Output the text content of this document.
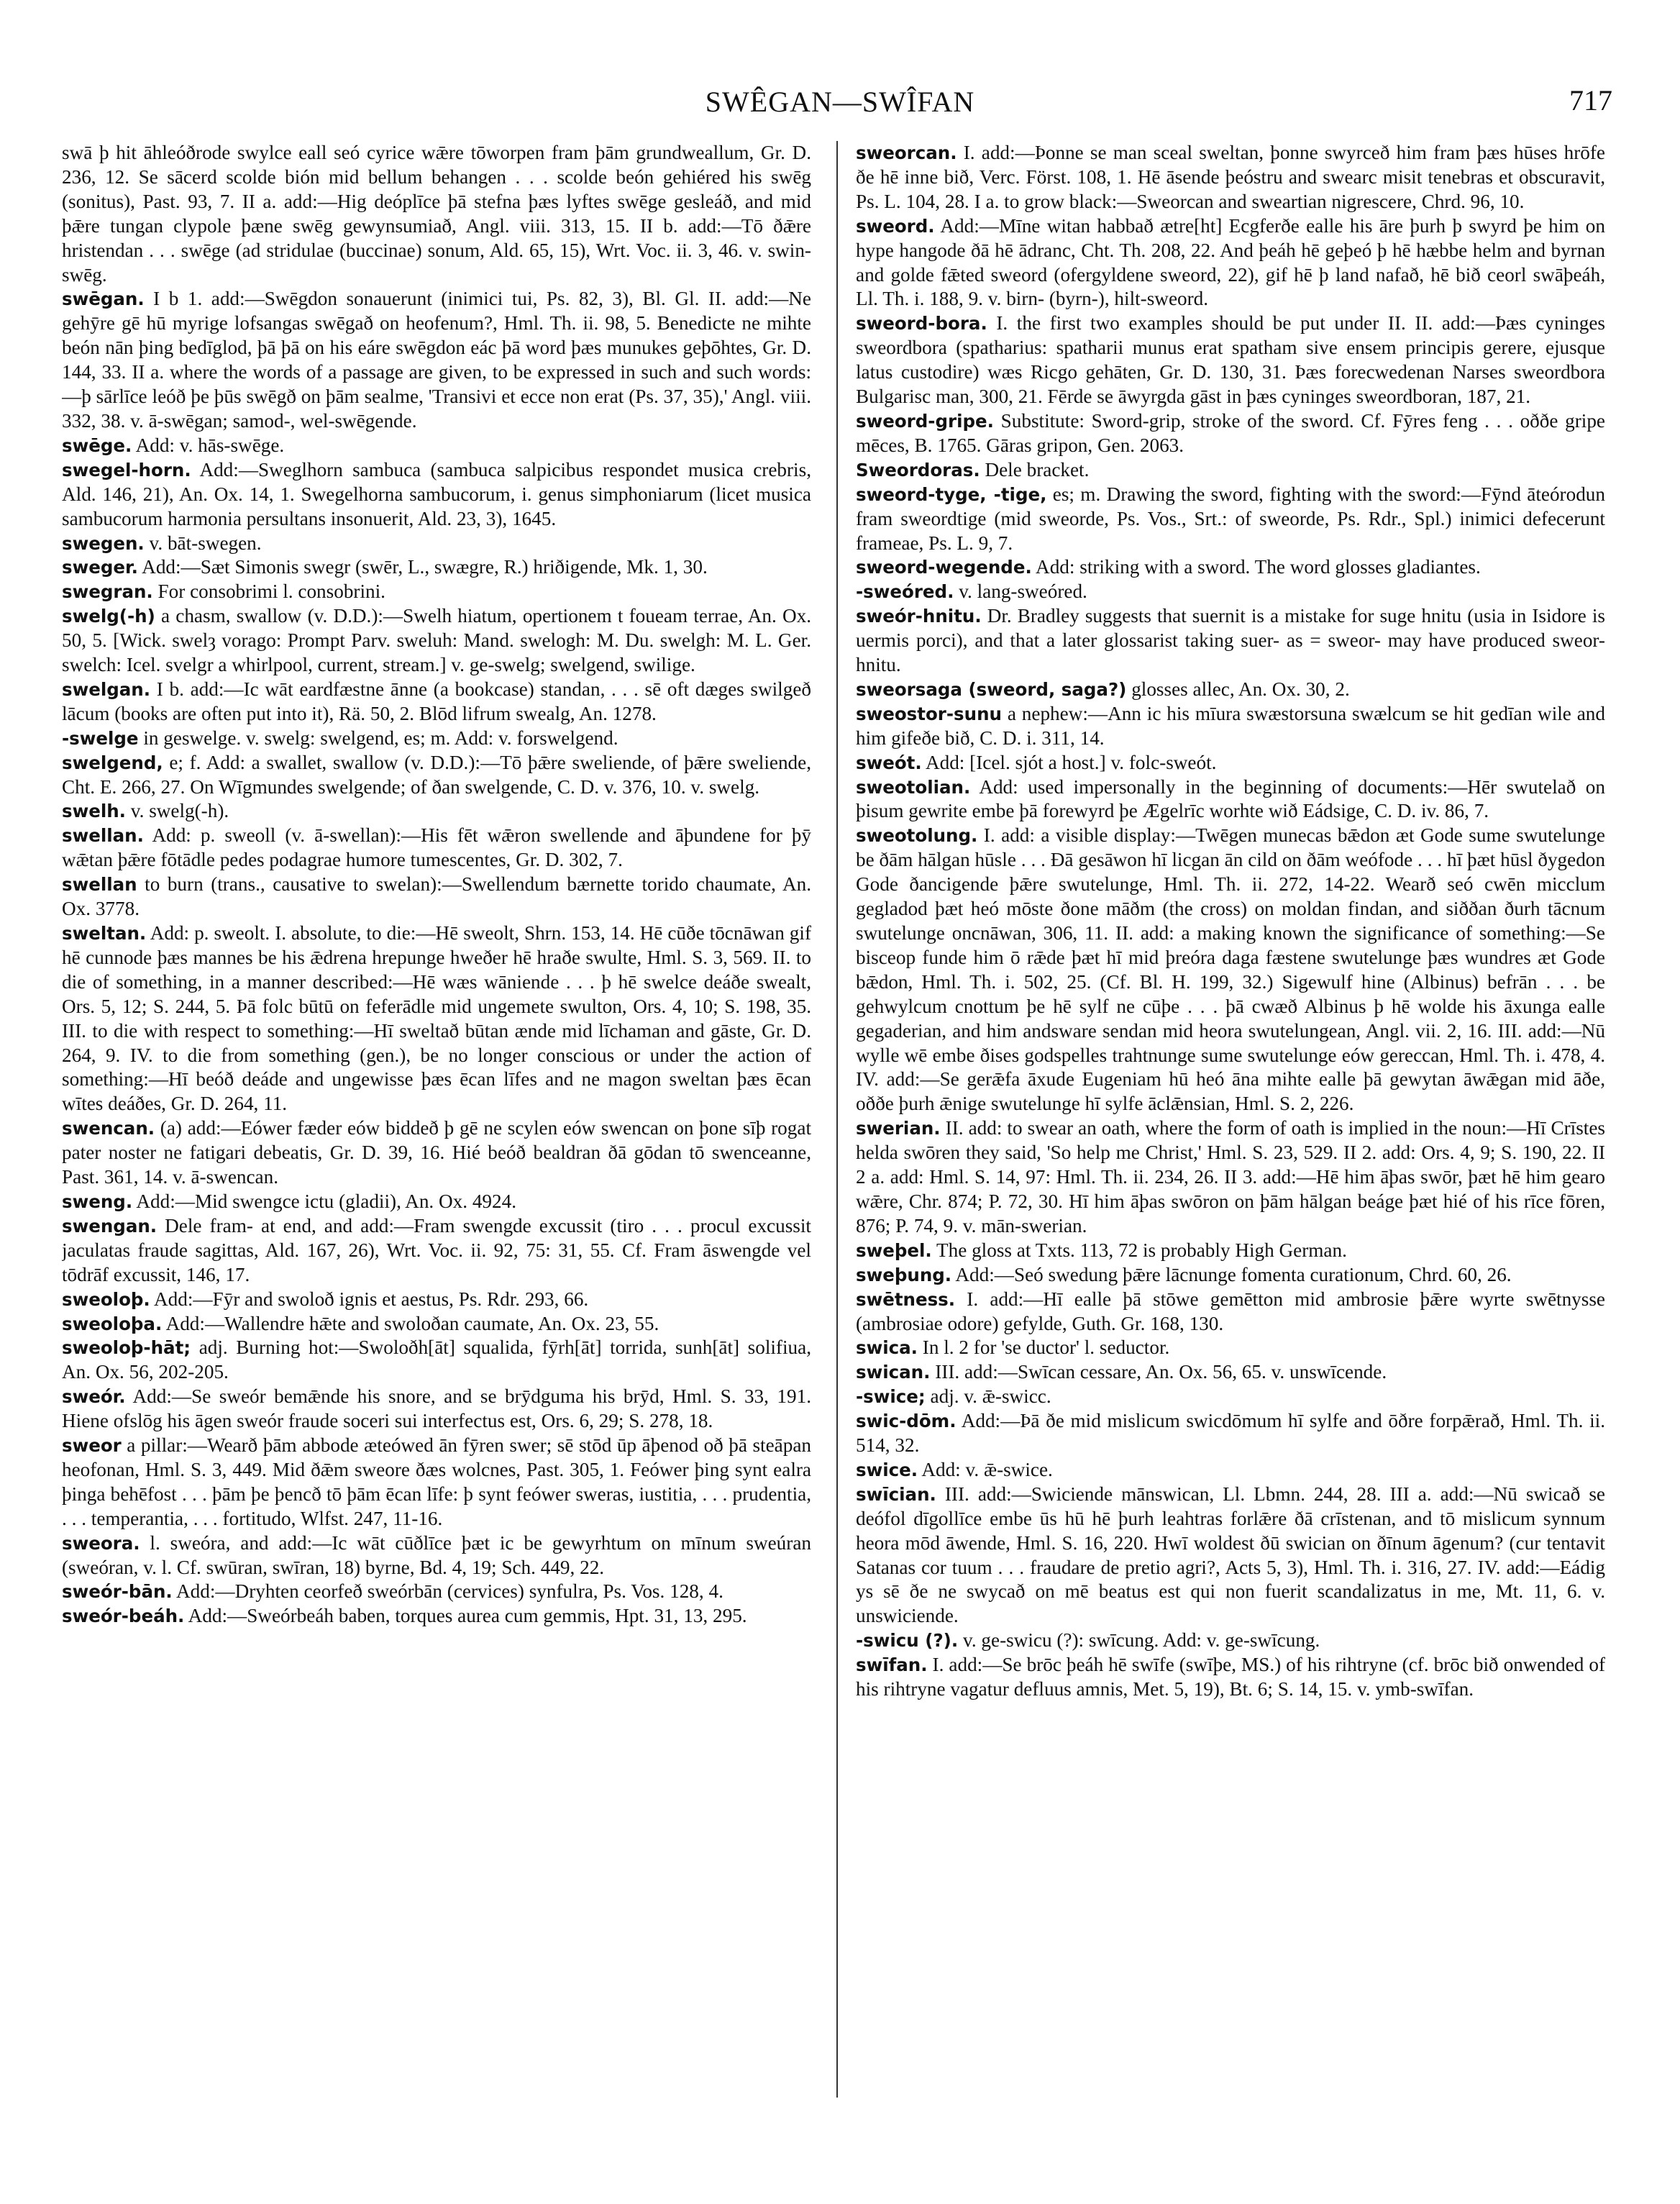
SWÊGAN—SWÎFAN	717

swā þ hit āhleóðrode swylce eall seó cyrice wǣre tōworpen fram þām grundweallum, Gr. D. 236, 12. Se sācerd scolde bión mid bellum behangen . . . scolde beón gehiéred his swēg (sonitus), Past. 93, 7. II a. add:—Hig deóplīce þā stefna þæs lyftes swēge gesleáð, and mid þǣre tungan clypole þæne swēg gewynsumiað, Angl. viii. 313, 15. II b. add:—Tō ðǣre hristendan . . . swēge (ad stridulae (buccinae) sonum, Ald. 65, 15), Wrt. Voc. ii. 3, 46. v. swin-swēg.

swēgan. I b 1. add:—Swēgdon sonauerunt (inimici tui, Ps. 82, 3), Bl. Gl. II. add:—Ne gehȳre gē hū myrige lofsangas swēgað on heofenum?, Hml. Th. ii. 98, 5. Benedicte ne mihte beón nān þing bedīglod, þā þā on his eáre swēgdon eác þā word þæs munukes geþōhtes, Gr. D. 144, 33. II a. where the words of a passage are given, to be expressed in such and such words:—þ sārlīce leóð þe þūs swēgð on þām sealme, 'Transivi et ecce non erat (Ps. 37, 35),' Angl. viii. 332, 38. v. ā-swēgan; samod-, wel-swēgende.

swēge. Add: v. hās-swēge.

swegel-horn. Add:—Sweglhorn sambuca (sambuca salpicibus respondet musica crebris, Ald. 146, 21), An. Ox. 14, 1. Swegelhorna sambucorum, i. genus simphoniarum (licet musica sambucorum harmonia persultans insonuerit, Ald. 23, 3), 1645.

swegen. v. bāt-swegen.

sweger. Add:—Sæt Simonis swegr (swēr, L., swægre, R.) hriðigende, Mk. 1, 30.

swegran. For consobrimi l. consobrini.

swelg(-h) a chasm, swallow (v. D.D.):—Swelh hiatum, opertionem t foueam terrae, An. Ox. 50, 5. [Wick. swelȝ vorago: Prompt Parv. sweluh: Mand. swelogh: M. Du. swelgh: M. L. Ger. swelch: Icel. svelgr a whirlpool, current, stream.] v. ge-swelg; swelgend, swilige.

swelgan. I b. add:—Ic wāt eardfæstne ānne (a bookcase) standan, . . . sē oft dæges swilgeð lācum (books are often put into it), Rä. 50, 2. Blōd lifrum swealg, An. 1278.

-swelge in geswelge. v. swelg: swelgend, es; m. Add: v. forswelgend.

swelgend, e; f. Add: a swallet, swallow (v. D.D.):—Tō þǣre sweliende, of þǣre sweliende, Cht. E. 266, 27. On Wīgmundes swelgende; of ðan swelgende, C. D. v. 376, 10. v. swelg.

swelh. v. swelg(-h).

swellan. Add: p. sweoll (v. ā-swellan):—His fēt wǣron swellende and āþundene for þȳ wǣtan þǣre fōtādle pedes podagrae humore tumescentes, Gr. D. 302, 7.

swellan to burn (trans., causative to swelan):—Swellendum bærnette torido chaumate, An. Ox. 3778.

sweltan. Add: p. sweolt. I. absolute, to die:—Hē sweolt, Shrn. 153, 14. Hē cūðe tōcnāwan gif hē cunnode þæs mannes be his ǣdrena hrepunge hweðer hē hraðe swulte, Hml. S. 3, 569. II. to die of something, in a manner described:—Hē wæs wāniende . . . þ hē swelce deáðe swealt, Ors. 5, 12; S. 244, 5. Þā folc būtū on feferādle mid ungemete swulton, Ors. 4, 10; S. 198, 35. III. to die with respect to something:—Hī sweltað būtan ænde mid līchaman and gāste, Gr. D. 264, 9. IV. to die from something (gen.), be no longer conscious or under the action of something:—Hī beóð deáde and ungewisse þæs ēcan līfes and ne magon sweltan þæs ēcan wītes deáðes, Gr. D. 264, 11.

swencan. (a) add:—Eówer fæder eów biddeð þ gē ne scylen eów swencan on þone sīþ rogat pater noster ne fatigari debeatis, Gr. D. 39, 16. Hié beóð bealdran ðā gōdan tō swenceanne, Past. 361, 14. v. ā-swencan.

sweng. Add:—Mid swengce ictu (gladii), An. Ox. 4924.

swengan. Dele fram- at end, and add:—Fram swengde excussit (tiro . . . procul excussit jaculatas fraude sagittas, Ald. 167, 26), Wrt. Voc. ii. 92, 75: 31, 55. Cf. Fram āswengde vel tōdrāf excussit, 146, 17.

sweoloþ. Add:—Fȳr and swoloð ignis et aestus, Ps. Rdr. 293, 66.

sweoloþa. Add:—Wallendre hǣte and swoloðan caumate, An. Ox. 23, 55.

sweoloþ-hāt; adj. Burning hot:—Swoloðh[āt] squalida, fȳrh[āt] torrida, sunh[āt] solifiua, An. Ox. 56, 202-205.

sweór. Add:—Se sweór bemǣnde his snore, and se brȳdguma his brȳd, Hml. S. 33, 191. Hiene ofslōg his āgen sweór fraude soceri sui interfectus est, Ors. 6, 29; S. 278, 18.

sweor a pillar:—Wearð þām abbode æteówed ān fȳren swer; sē stōd ūp āþenod oð þā steāpan heofonan, Hml. S. 3, 449. Mid ðǣm sweore ðæs wolcnes, Past. 305, 1. Feówer þing synt ealra þinga behēfost . . . þām þe þencð tō þām ēcan līfe: þ synt feówer sweras, iustitia, . . . prudentia, . . . temperantia, . . . fortitudo, Wlfst. 247, 11-16.

sweora. l. sweóra, and add:—Ic wāt cūðlīce þæt ic be gewyrhtum on mīnum sweúran (sweóran, v. l. Cf. swūran, swīran, 18) byrne, Bd. 4, 19; Sch. 449, 22.

sweór-bān. Add:—Dryhten ceorfeð sweórbān (cervices) synfulra, Ps. Vos. 128, 4.

sweór-beáh. Add:—Sweórbeáh baben, torques aurea cum gemmis, Hpt. 31, 13, 295.

sweorcan. I. add:—Þonne se man sceal sweltan, þonne swyrceð him fram þæs hūses hrōfe ðe hē inne bið, Verc. Först. 108, 1. Hē āsende þeóstru and swearc misit tenebras et obscuravit, Ps. L. 104, 28. I a. to grow black:—Sweorcan and sweartian nigrescere, Chrd. 96, 10.

sweord. Add:—Mīne witan habbað ætre[ht] Ecgferðe ealle his āre þurh þ swyrd þe him on hype hangode ðā hē ādranc, Cht. Th. 208, 22. And þeáh hē geþeó þ hē hæbbe helm and byrnan and golde fǣted sweord (ofergyldene sweord, 22), gif hē þ land nafað, hē bið ceorl swāþeáh, Ll. Th. i. 188, 9. v. birn- (byrn-), hilt-sweord.

sweord-bora. I. the first two examples should be put under II. II. add:—Þæs cyninges sweordbora (spatharius: spatharii munus erat spatham sive ensem principis gerere, ejusque latus custodire) wæs Ricgo gehāten, Gr. D. 130, 31. Þæs forecwedenan Narses sweordbora Bulgarisc man, 300, 21. Fērde se āwyrgda gāst in þæs cyninges sweordboran, 187, 21.

sweord-gripe. Substitute: Sword-grip, stroke of the sword. Cf. Fȳres feng . . . oððe gripe mēces, B. 1765. Gāras gripon, Gen. 2063.

Sweordoras. Dele bracket.

sweord-tyge, -tige, es; m. Drawing the sword, fighting with the sword:—Fȳnd āteórodun fram sweordtige (mid sweorde, Ps. Vos., Srt.: of sweorde, Ps. Rdr., Spl.) inimici defecerunt frameae, Ps. L. 9, 7.

sweord-wegende. Add: striking with a sword. The word glosses gladiantes.

-sweóred. v. lang-sweóred.

sweór-hnitu. Dr. Bradley suggests that suernit is a mistake for suge hnitu (usia in Isidore is uermis porci), and that a later glossarist taking suer- as = sweor- may have produced sweor-hnitu.

sweorsaga (sweord, saga?) glosses allec, An. Ox. 30, 2.

sweostor-sunu a nephew:—Ann ic his mīura swæstorsuna swælcum se hit gedīan wile and him gifeðe bið, C. D. i. 311, 14.

sweót. Add: [Icel. sjót a host.] v. folc-sweót.

sweotolian. Add: used impersonally in the beginning of documents:—Hēr swutelað on þisum gewrite embe þā forewyrd þe Ægelrīc worhte wið Eádsige, C. D. iv. 86, 7.

sweotolung. I. add: a visible display:—Twēgen munecas bǣdon æt Gode sume swutelunge be ðām hālgan hūsle . . . Ðā gesāwon hī licgan ān cild on ðām weófode . . . hī þæt hūsl ðygedon Gode ðancigende þǣre swutelunge, Hml. Th. ii. 272, 14-22. Wearð seó cwēn micclum gegladod þæt heó mōste ðone māðm (the cross) on moldan findan, and siððan ðurh tācnum swutelunge oncnāwan, 306, 11. II. add: a making known the significance of something:—Se bisceop funde him ō rǣde þæt hī mid þreóra daga fæstene swutelunge þæs wundres æt Gode bǣdon, Hml. Th. i. 502, 25. (Cf. Bl. H. 199, 32.) Sigewulf hine (Albinus) befrān . . . be gehwylcum cnottum þe hē sylf ne cūþe . . . þā cwæð Albinus þ hē wolde his āxunga ealle gegaderian, and him andsware sendan mid heora swutelungean, Angl. vii. 2, 16. III. add:—Nū wylle wē embe ðises godspelles trahtnunge sume swutelunge eów gereccan, Hml. Th. i. 478, 4. IV. add:—Se gerǣfa āxude Eugeniam hū heó āna mihte ealle þā gewytan āwǣgan mid āðe, oððe þurh ǣnige swutelunge hī sylfe āclǣnsian, Hml. S. 2, 226.

swerian. II. add: to swear an oath, where the form of oath is implied in the noun:—Hī Crīstes helda swōren they said, 'So help me Christ,' Hml. S. 23, 529. II 2. add: Ors. 4, 9; S. 190, 22. II 2 a. add: Hml. S. 14, 97: Hml. Th. ii. 234, 26. II 3. add:—Hē him āþas swōr, þæt hē him gearo wǣre, Chr. 874; P. 72, 30. Hī him āþas swōron on þām hālgan beáge þæt hié of his rīce fōren, 876; P. 74, 9. v. mān-swerian.

sweþel. The gloss at Txts. 113, 72 is probably High German.

sweþung. Add:—Seó swedung þǣre lācnunge fomenta curationum, Chrd. 60, 26.

swētness. I. add:—Hī ealle þā stōwe gemētton mid ambrosie þǣre wyrte swētnysse (ambrosiae odore) gefylde, Guth. Gr. 168, 130.

swica. In l. 2 for 'se ductor' l. seductor.

swican. III. add:—Swīcan cessare, An. Ox. 56, 65. v. unswīcende.

-swice; adj. v. ǣ-swicc.

swic-dōm. Add:—Þā ðe mid mislicum swicdōmum hī sylfe and ōðre forpǣrað, Hml. Th. ii. 514, 32.

swice. Add: v. ǣ-swice.

swīcian. III. add:—Swiciende mānswican, Ll. Lbmn. 244, 28. III a. add:—Nū swicað se deófol dīgollīce embe ūs hū hē þurh leahtras forlǣre ðā crīstenan, and tō mislicum synnum heora mōd āwende, Hml. S. 16, 220. Hwī woldest ðū swician on ðīnum āgenum? (cur tentavit Satanas cor tuum . . . fraudare de pretio agri?, Acts 5, 3), Hml. Th. i. 316, 27. IV. add:—Eádig ys sē ðe ne swycað on mē beatus est qui non fuerit scandalizatus in me, Mt. 11, 6. v. unswiciende.

-swicu (?). v. ge-swicu (?): swīcung. Add: v. ge-swīcung.

swīfan. I. add:—Se brōc þeáh hē swīfe (swīþe, MS.) of his rihtryne (cf. brōc bið onwended of his rihtryne vagatur defluus amnis, Met. 5, 19), Bt. 6; S. 14, 15. v. ymb-swīfan.
